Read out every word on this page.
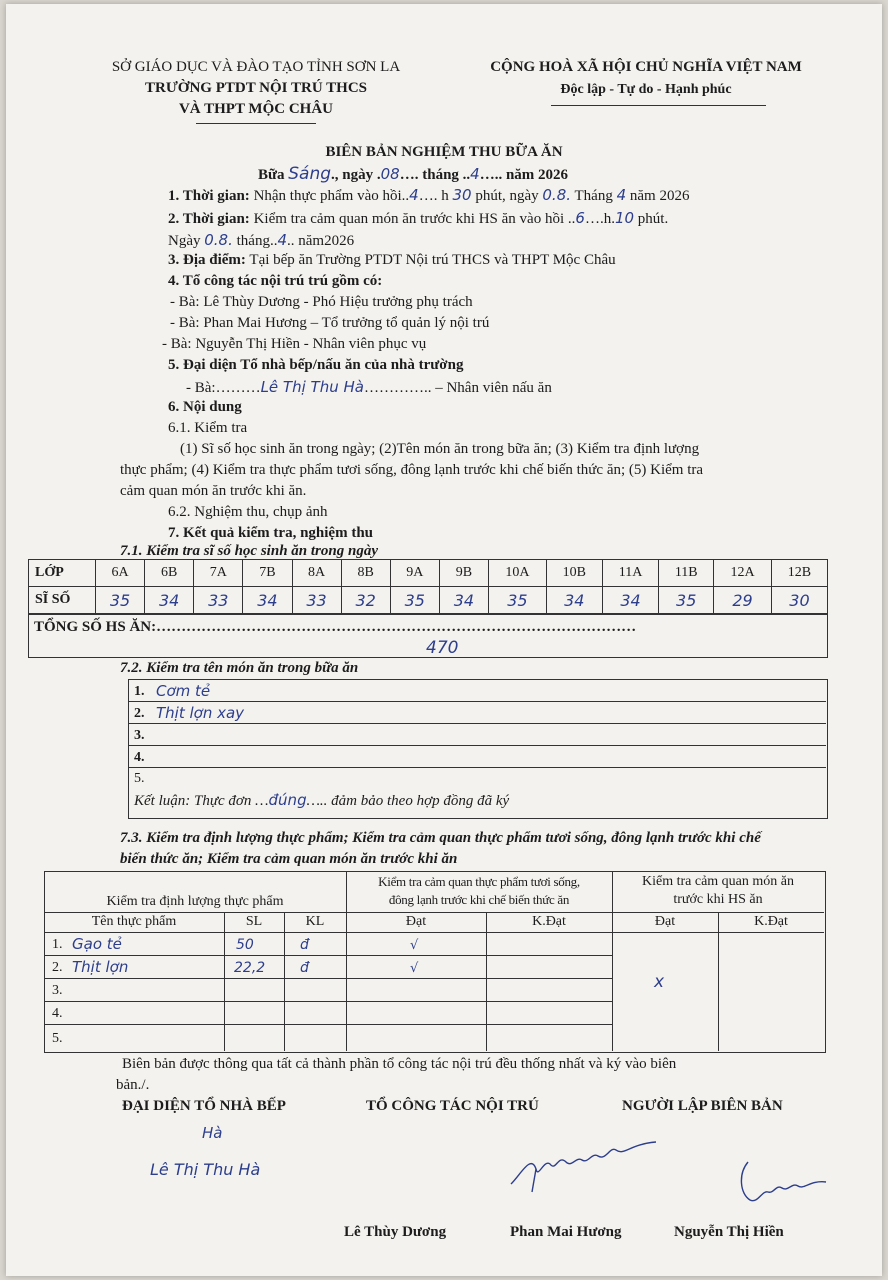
SỞ GIÁO DỤC VÀ ĐÀO TẠO TỈNH SƠN LA
TRƯỜNG PTDT NỘI TRÚ THCS
VÀ THPT MỘC CHÂU
CỘNG HOÀ XÃ HỘI CHỦ NGHĨA VIỆT NAM
Độc lập - Tự do - Hạnh phúc
BIÊN BẢN NGHIỆM THU BỮA ĂN
Bữa Sáng., ngày .08…. tháng ..4….. năm 2026
1. Thời gian: Nhận thực phẩm vào hồi..4…. h 30 phút, ngày 0.8. Tháng 4 năm 2026
2. Thời gian: Kiểm tra cảm quan món ăn trước khi HS ăn vào hồi ..6….h.10 phút.
Ngày 0.8. tháng..4.. năm2026
3. Địa điểm: Tại bếp ăn Trường PTDT Nội trú THCS và THPT Mộc Châu
4. Tổ công tác nội trú trú gồm có:
- Bà: Lê Thùy Dương - Phó Hiệu trưởng phụ trách
- Bà: Phan Mai Hương – Tổ trưởng tổ quản lý nội trú
- Bà: Nguyễn Thị Hiền - Nhân viên phục vụ
5. Đại diện Tổ nhà bếp/nấu ăn của nhà trường
- Bà:………Lê Thị Thu Hà………….. – Nhân viên nấu ăn
6. Nội dung
6.1. Kiểm tra
(1) Sĩ số học sinh ăn trong ngày; (2)Tên món ăn trong bữa ăn; (3) Kiểm tra định lượng
thực phẩm; (4) Kiểm tra thực phẩm tươi sống, đông lạnh trước khi chế biến thức ăn; (5) Kiểm tra
cảm quan món ăn trước khi ăn.
6.2. Nghiệm thu, chụp ảnh
7. Kết quả kiểm tra, nghiệm thu
7.1. Kiểm tra sĩ số học sinh ăn trong ngày
LỚP	6A	6B	7A	7B	8A	8B	9A	9B	10A	10B	11A	11B	12A	12B
SĨ SỐ	35	34	33	34	33	32	35	34	35	34	34	35	29	30
TỔNG SỐ HS ĂN:……………………………………………………………………………………
470
7.2. Kiểm tra tên món ăn trong bữa ăn
1. Cơm tẻ
2. Thịt lợn xay
3.
4.
5.
Kết luận: Thực đơn …đúng….. đảm bảo theo hợp đồng đã ký
7.3. Kiểm tra định lượng thực phẩm; Kiểm tra cảm quan thực phẩm tươi sống, đông lạnh trước khi chế
biến thức ăn; Kiểm tra cảm quan món ăn trước khi ăn
Kiểm tra định lượng thực phẩm
Kiểm tra cảm quan thực phẩm tươi sống,
đông lạnh trước khi chế biến thức ăn
Kiểm tra cảm quan món ăn
trước khi HS ăn
Tên thực phẩm	SL	KL	Đạt	K.Đạt	Đạt	K.Đạt
1. Gạo tẻ	50	đ	√
2. Thịt lợn	22,2 đ	√
3.
4.
5.
x
Biên bản được thông qua tất cả thành phần tổ công tác nội trú đều thống nhất và ký vào biên
bản./.
ĐẠI DIỆN TỔ NHÀ BẾP	TỔ CÔNG TÁC NỘI TRÚ	NGƯỜI LẬP BIÊN BẢN
Hà
Lê Thị Thu Hà
Lê Thùy Dương	Phan Mai Hương	Nguyễn Thị Hiền
